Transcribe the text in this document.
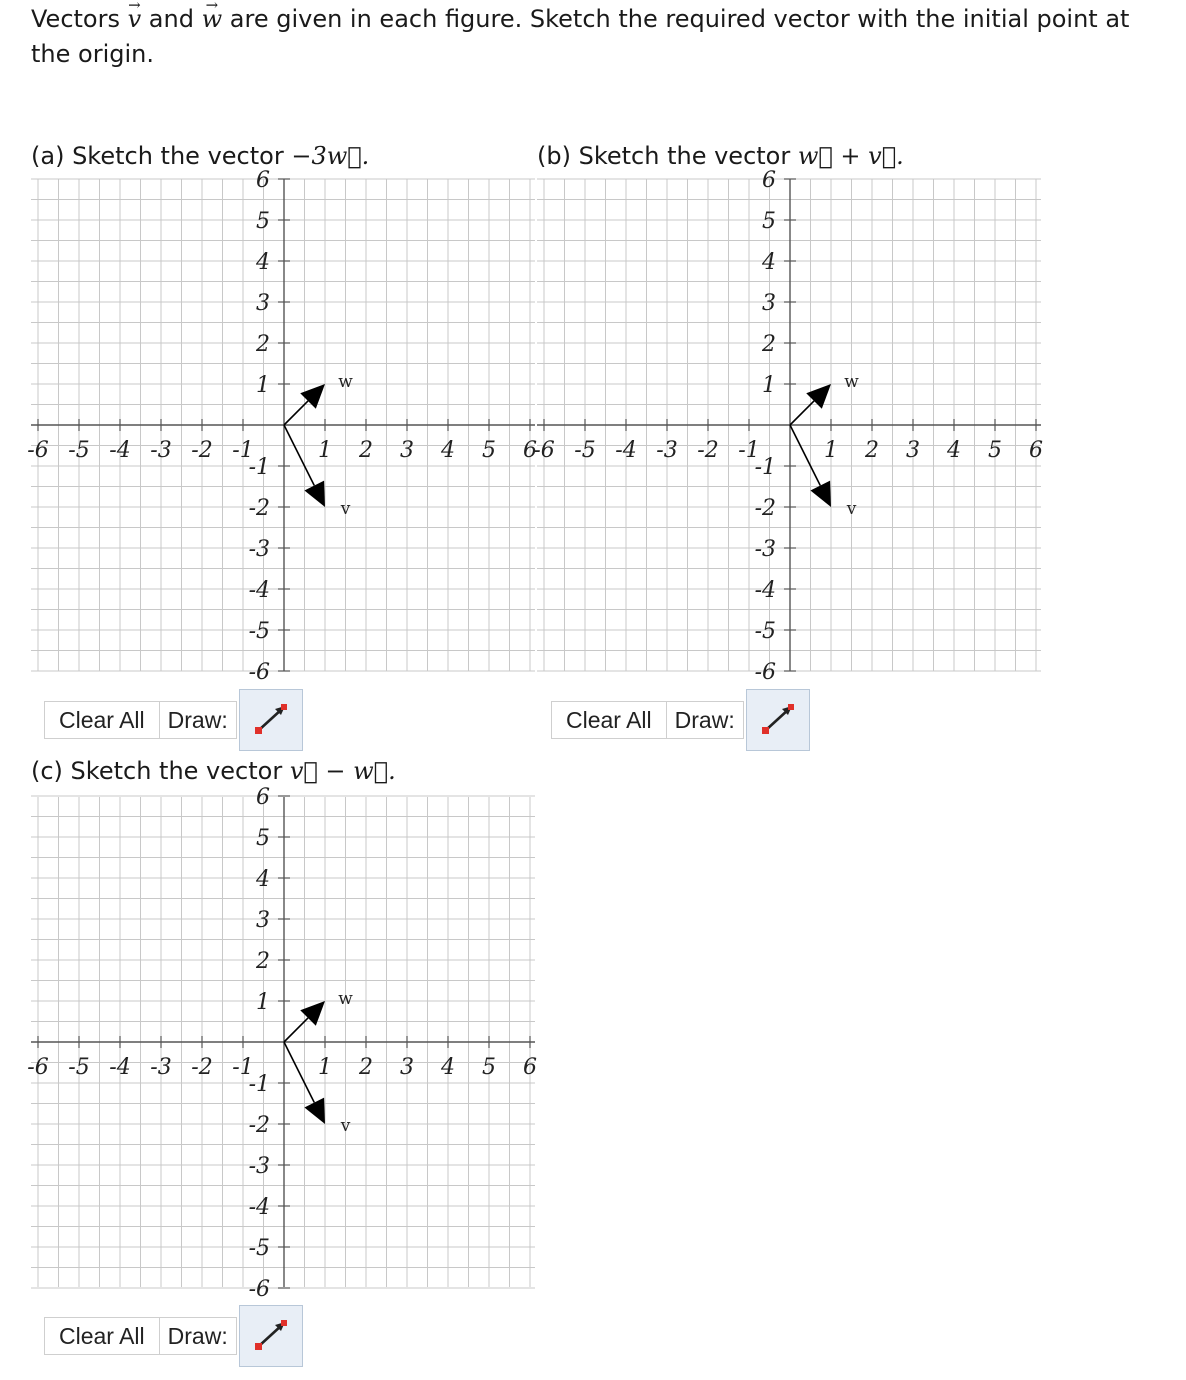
Vectors v → and w → are given in each figure. Sketch the required vector with the initial point at the origin.
(a) Sketch the vector −3w⃗.
-6 -5 -4 -3 -2 -1	1 2 3 4 5 6
6
5
4
3
2
1
-1
-2
-3
-4
-5
-6
w
v
Clear All	Draw:
(b) Sketch the vector w⃗ + v⃗.
-6 -5 -4 -3 -2 -1	1 2 3 4 5 6
6
5
4
3
2
1
-1
-2
-3
-4
-5
-6
w
v
Clear All	Draw:
(c) Sketch the vector v⃗ − w⃗.
-6 -5 -4 -3 -2 -1	1 2 3 4 5 6
6
5
4
3
2
1
-1
-2
-3
-4
-5
-6
w
v
Clear All	Draw:
